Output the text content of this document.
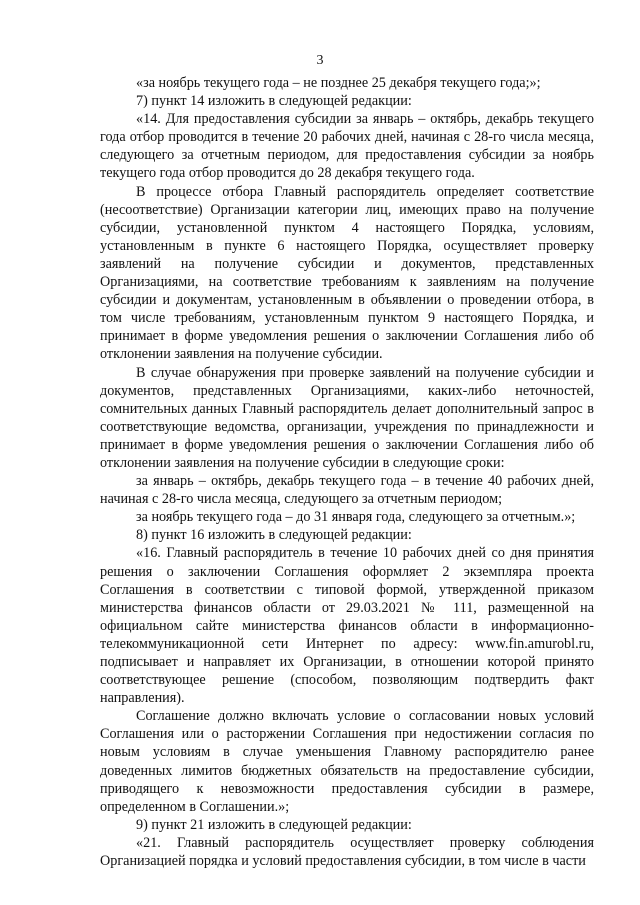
3

«за ноябрь текущего года – не позднее 25 декабря текущего года;»;

7) пункт 14 изложить в следующей редакции:

«14. Для предоставления субсидии за январь – октябрь, декабрь текущего года отбор проводится в течение 20 рабочих дней, начиная с 28-го числа месяца, следующего за отчетным периодом, для предоставления субсидии за ноябрь текущего года отбор проводится до 28 декабря текущего года.

В процессе отбора Главный распорядитель определяет соответствие (несоответствие) Организации категории лиц, имеющих право на получение субсидии, установленной пунктом 4 настоящего Порядка, условиям, установленным в пункте 6 настоящего Порядка, осуществляет проверку заявлений на получение субсидии и документов, представленных Организациями, на соответствие требованиям к заявлениям на получение субсидии и документам, установленным в объявлении о проведении отбора, в том числе требованиям, установленным пунктом 9 настоящего Порядка, и принимает в форме уведомления решения о заключении Соглашения либо об отклонении заявления на получение субсидии.

В случае обнаружения при проверке заявлений на получение субсидии и документов, представленных Организациями, каких-либо неточностей, сомнительных данных Главный распорядитель делает дополнительный запрос в соответствующие ведомства, организации, учреждения по принадлежности и принимает в форме уведомления решения о заключении Соглашения либо об отклонении заявления на получение субсидии в следующие сроки:

за январь – октябрь, декабрь текущего года – в течение 40 рабочих дней, начиная с 28-го числа месяца, следующего за отчетным периодом;

за ноябрь текущего года – до 31 января года, следующего за отчетным.»;

8) пункт 16 изложить в следующей редакции:

«16. Главный распорядитель в течение 10 рабочих дней со дня принятия решения о заключении Соглашения оформляет 2 экземпляра проекта Соглашения в соответствии с типовой формой, утвержденной приказом министерства финансов области от 29.03.2021 № 111, размещенной на официальном сайте министерства финансов области в информационно-телекоммуникационной сети Интернет по адресу: www.fin.amurobl.ru, подписывает и направляет их Организации, в отношении которой принято соответствующее решение (способом, позволяющим подтвердить факт направления).

Соглашение должно включать условие о согласовании новых условий Соглашения или о расторжении Соглашения при недостижении согласия по новым условиям в случае уменьшения Главному распорядителю ранее доведенных лимитов бюджетных обязательств на предоставление субсидии, приводящего к невозможности предоставления субсидии в размере, определенном в Соглашении.»;

9) пункт 21 изложить в следующей редакции:

«21. Главный распорядитель осуществляет проверку соблюдения Организацией порядка и условий предоставления субсидии, в том числе в части
